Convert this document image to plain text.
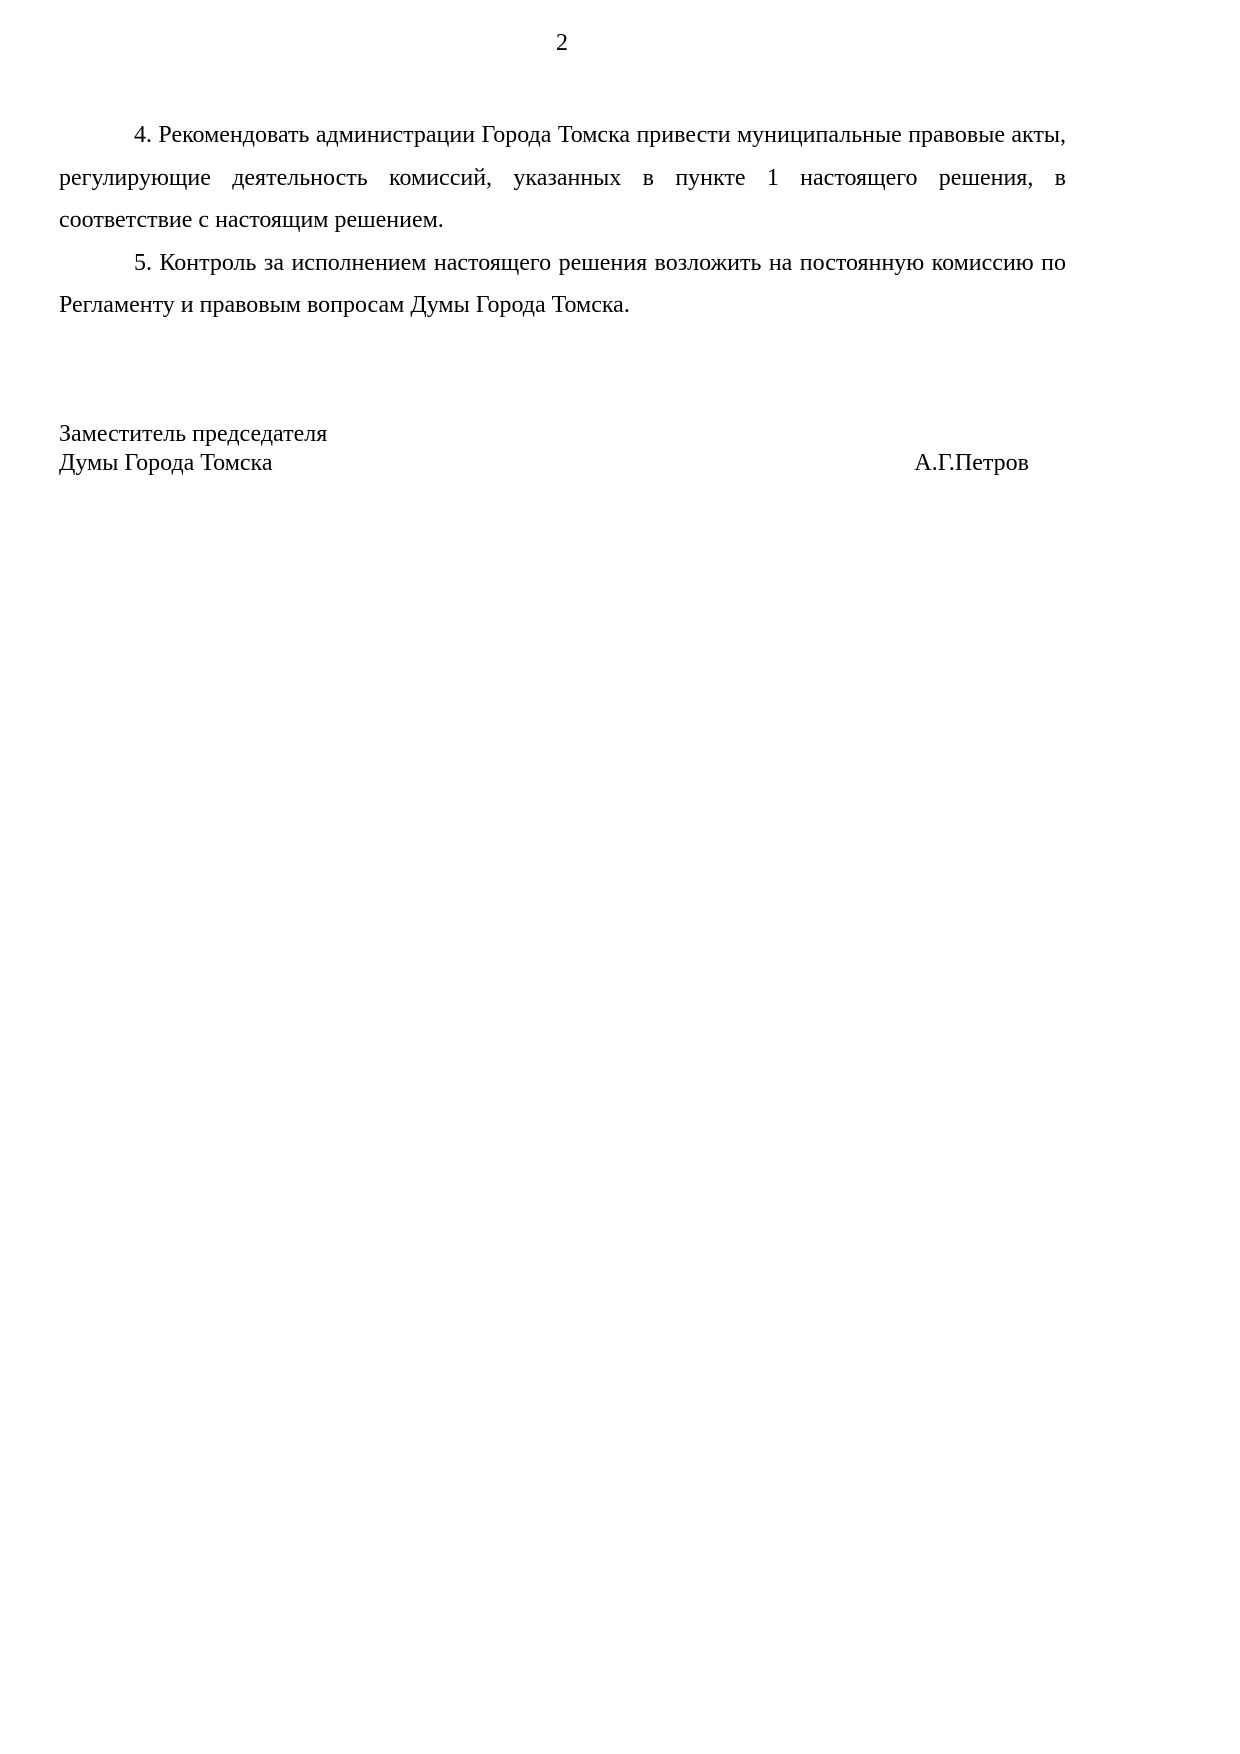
2

4. Рекомендовать администрации Города Томска привести муниципальные правовые акты, регулирующие деятельность комиссий, указанных в пункте 1 настоящего решения, в соответствие с настоящим решением.

5. Контроль за исполнением настоящего решения возложить на постоянную комиссию по Регламенту и правовым вопросам Думы Города Томска.

Заместитель председателя
Думы Города Томска	А.Г.Петров
